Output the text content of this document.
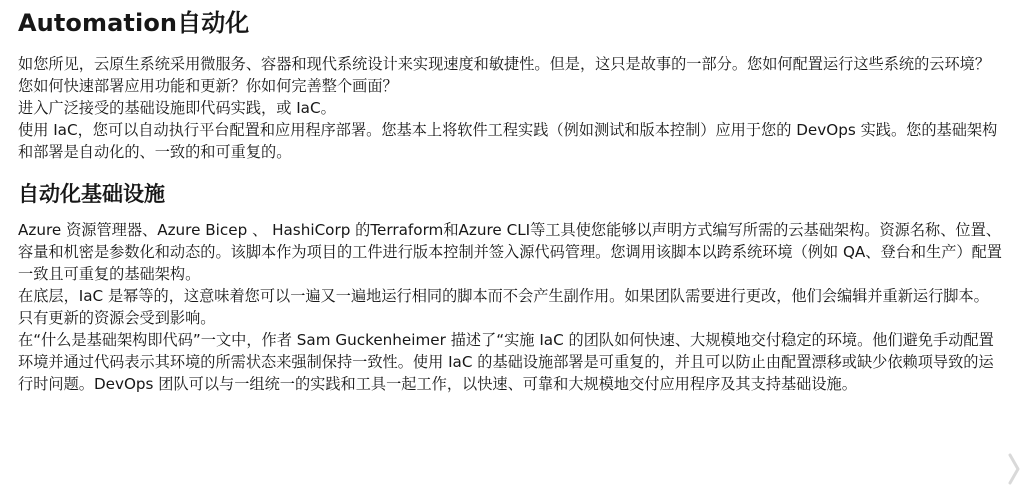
Automation自动化

如您所见，云原生系统采用微服务、容器和现代系统设计来实现速度和敏捷性。但是，这只是故事的一部分。您如何配置运行这些系统的云环境？您如何快速部署应用功能和更新？你如何完善整个画面？

进入广泛接受的基础设施即代码实践，或 IaC。

使用 IaC，您可以自动执行平台配置和应用程序部署。您基本上将软件工程实践（例如测试和版本控制）应用于您的 DevOps 实践。您的基础架构和部署是自动化的、一致的和可重复的。

自动化基础设施

Azure 资源管理器、Azure Bicep 、 HashiCorp 的Terraform和Azure CLI等工具使您能够以声明方式编写所需的云基础架构。资源名称、位置、容量和机密是参数化和动态的。该脚本作为项目的工件进行版本控制并签入源代码管理。您调用该脚本以跨系统环境（例如 QA、登台和生产）配置一致且可重复的基础架构。

在底层，IaC 是幂等的，这意味着您可以一遍又一遍地运行相同的脚本而不会产生副作用。如果团队需要进行更改，他们会编辑并重新运行脚本。只有更新的资源会受到影响。

在“什么是基础架构即代码”一文中，作者 Sam Guckenheimer 描述了“实施 IaC 的团队如何快速、大规模地交付稳定的环境。他们避免手动配置环境并通过代码表示其环境的所需状态来强制保持一致性。使用 IaC 的基础设施部署是可重复的，并且可以防止由配置漂移或缺少依赖项导致的运行时问题。DevOps 团队可以与一组统一的实践和工具一起工作，以快速、可靠和大规模地交付应用程序及其支持基础设施。
